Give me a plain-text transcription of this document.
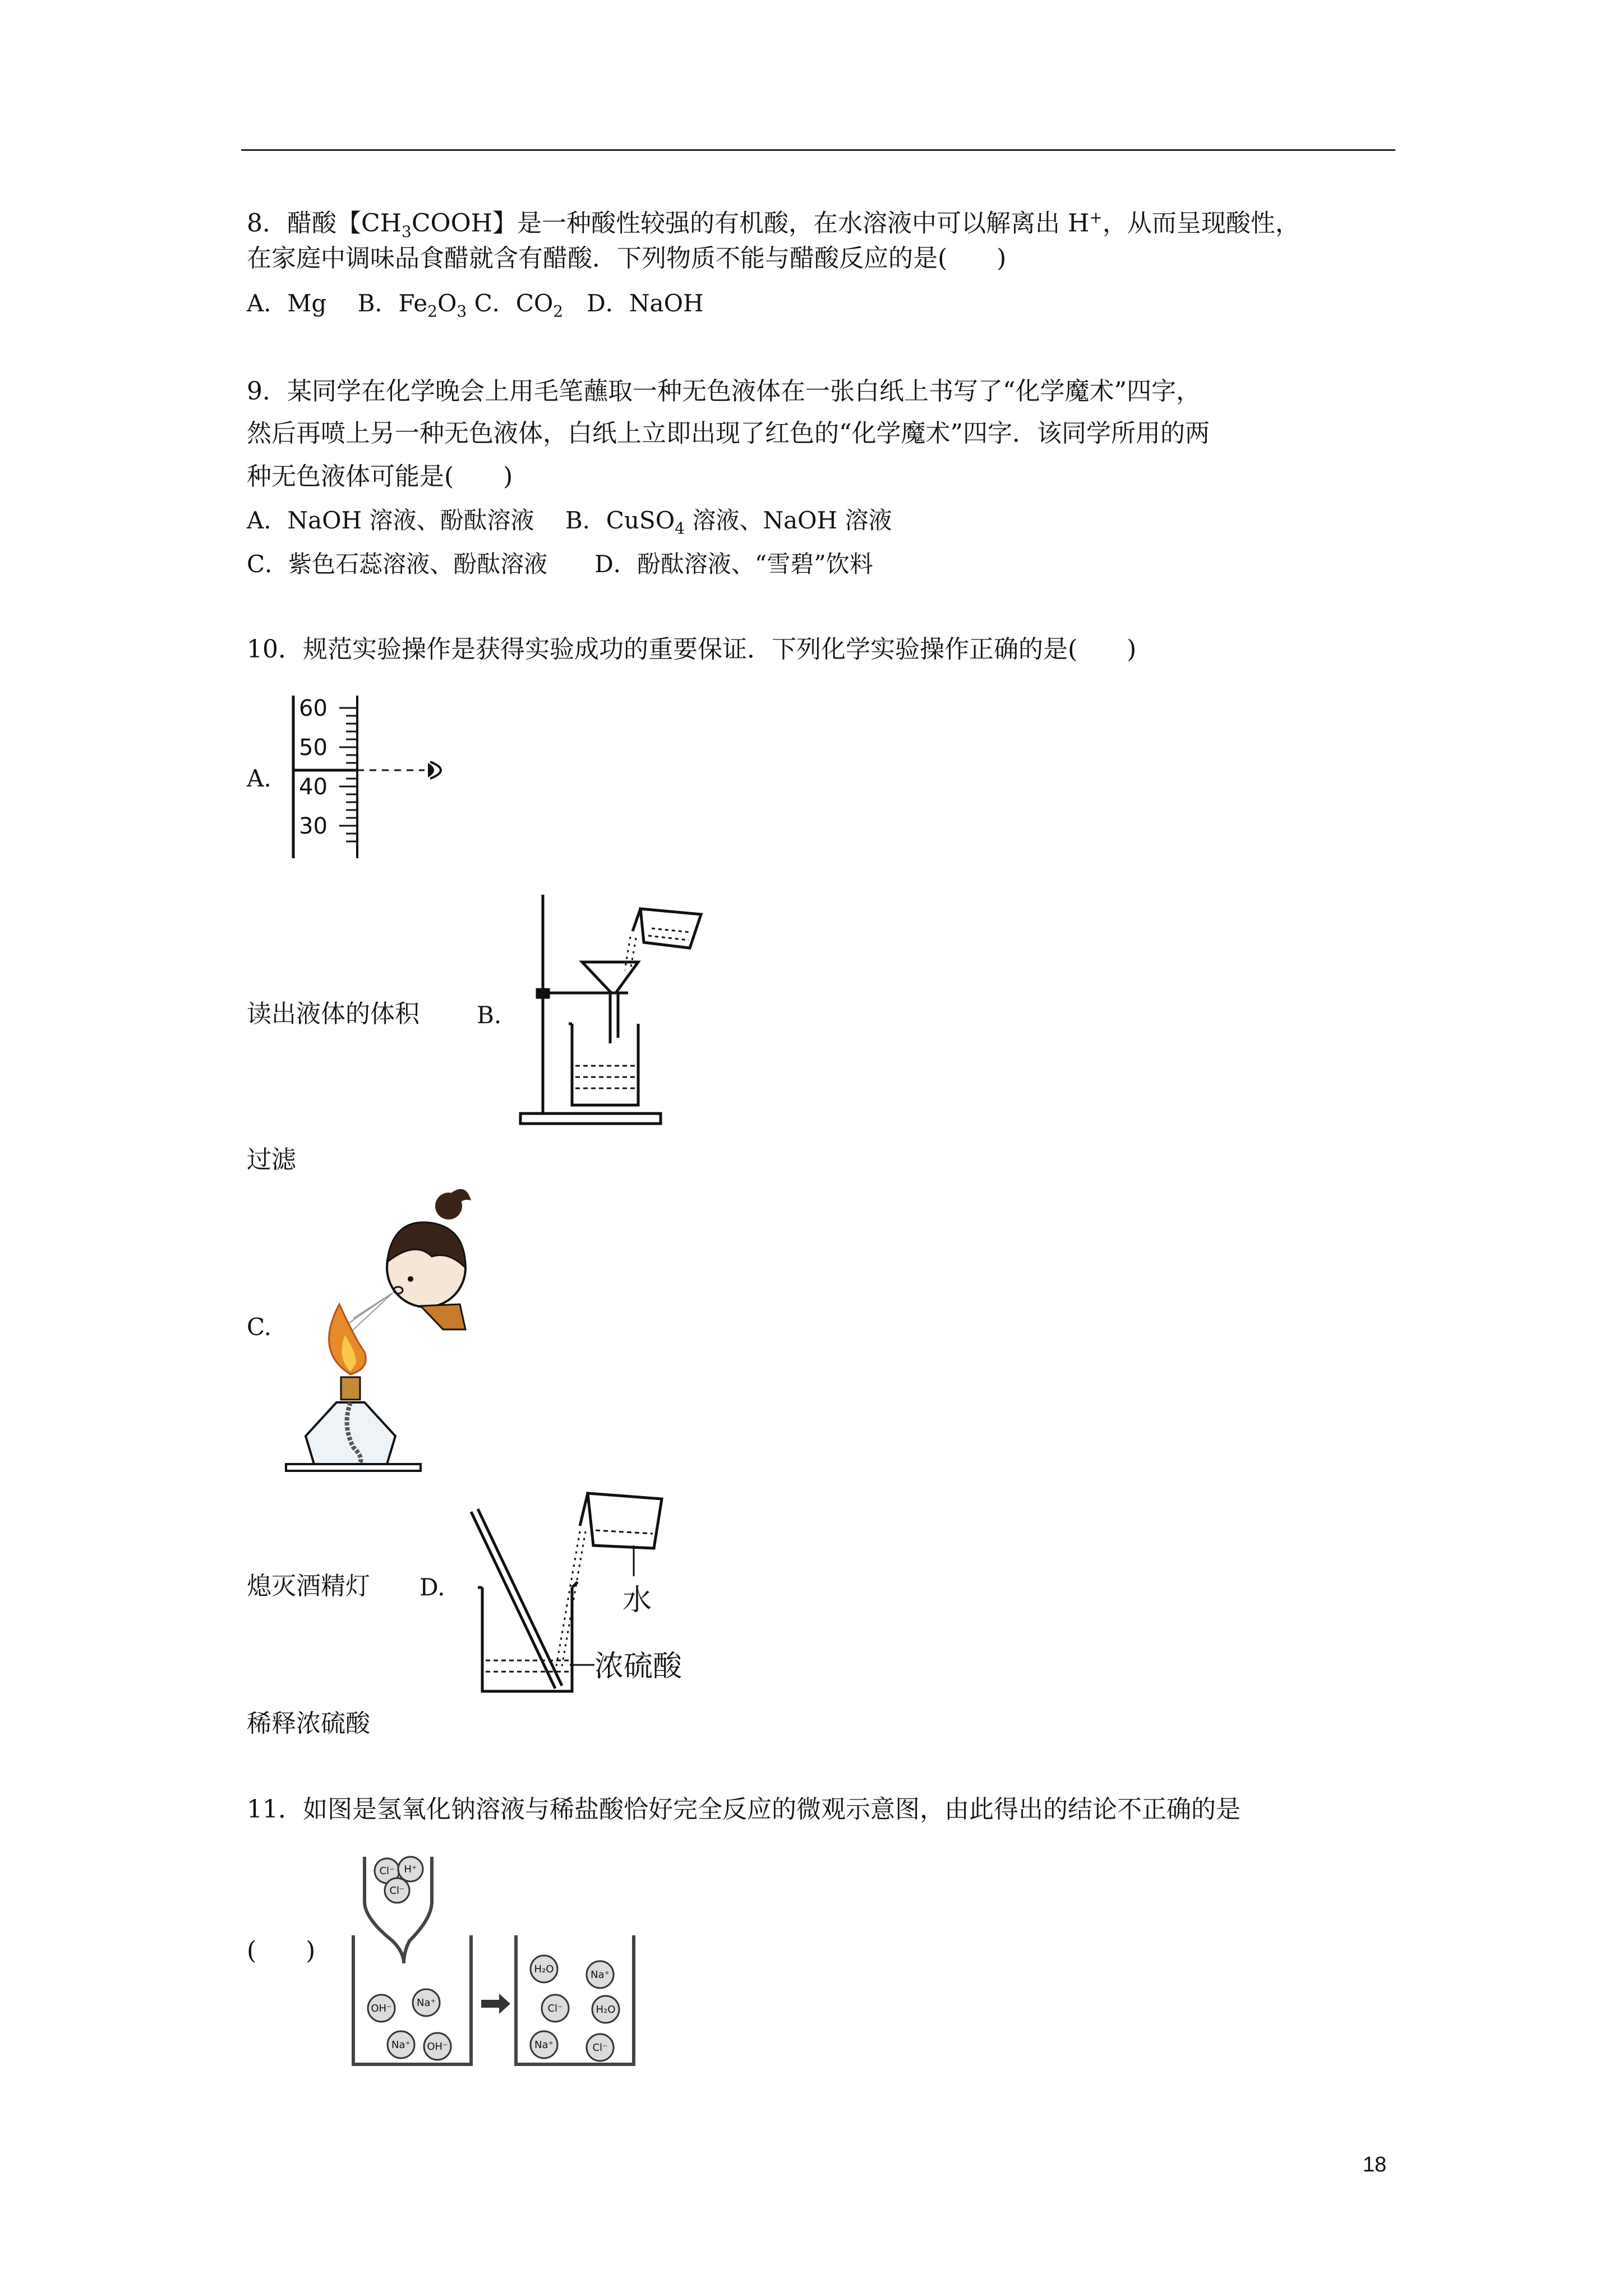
8．醋酸【$CH_3COOH$】是一种酸性较强的有机酸，在水溶液中可以解离出 H+，从而呈现酸性，
在家庭中调味品食醋就含有醋酸．下列物质不能与醋酸反应的是(　　)
A．Mg　 B．$Fe_2O_3$ C．$CO_2$　D．NaOH
9．某同学在化学晚会上用毛笔蘸取一种无色液体在一张白纸上书写了“化学魔术”四字，
然后再喷上另一种无色液体，白纸上立即出现了红色的“化学魔术”四字．该同学所用的两
种无色液体可能是(　　)
A．NaOH 溶液、酚酞溶液　 B．CuSO$_4$ 溶液、NaOH 溶液
C．紫色石蕊溶液、酚酞溶液　　D．酚酞溶液、“雪碧”饮料
10．规范实验操作是获得实验成功的重要保证．下列化学实验操作正确的是(　　)
A.
60
50
40
30
读出液体的体积 B.
过滤
C.
熄灭酒精灯 D.	水
浓硫酸
稀释浓硫酸
11．如图是氢氧化钠溶液与稀盐酸恰好完全反应的微观示意图，由此得出的结论不正确的是
(　　)
Cl⁻ H⁺
Cl⁻
OH⁻ Na⁺
Na⁺ OH⁻
H₂O	Na⁺
Cl⁻	H₂O
Na⁺	Cl⁻
18
